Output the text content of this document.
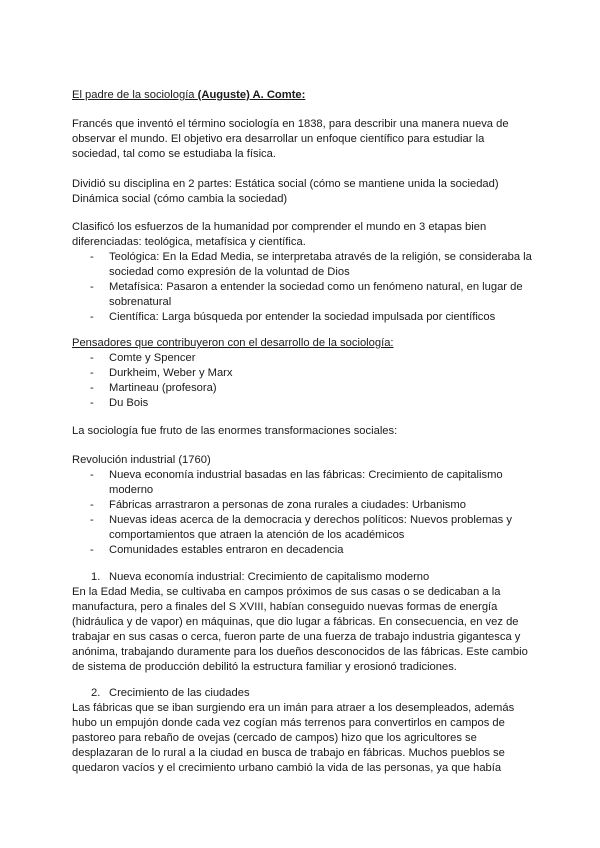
El padre de la sociología (Auguste) A. Comte:

Francés que inventó el término sociología en 1838, para describir una manera nueva de observar el mundo. El objetivo era desarrollar un enfoque científico para estudiar la sociedad, tal como se estudiaba la física.

Dividió su disciplina en 2 partes: Estática social (cómo se mantiene unida la sociedad)

Dinámica social (cómo cambia la sociedad)

Clasificó los esfuerzos de la humanidad por comprender el mundo en 3 etapas bien diferenciadas: teológica, metafísica y científica.

- Teológica: En la Edad Media, se interpretaba através de la religión, se consideraba la sociedad como expresión de la voluntad de Dios
- Metafísica: Pasaron a entender la sociedad como un fenómeno natural, en lugar de sobrenatural
- Científica: Larga búsqueda por entender la sociedad impulsada por científicos

Pensadores que contribuyeron con el desarrollo de la sociología:

- Comte y Spencer
- Durkheim, Weber y Marx
- Martineau (profesora)
- Du Bois

La sociología fue fruto de las enormes transformaciones sociales:

Revolución industrial (1760)

- Nueva economía industrial basadas en las fábricas: Crecimiento de capitalismo moderno
- Fábricas arrastraron a personas de zona rurales a ciudades: Urbanismo
- Nuevas ideas acerca de la democracia y derechos políticos: Nuevos problemas y comportamientos que atraen la atención de los académicos
- Comunidades estables entraron en decadencia

1. Nueva economía industrial: Crecimiento de capitalismo moderno

En la Edad Media, se cultivaba en campos próximos de sus casas o se dedicaban a la manufactura, pero a finales del S XVIII, habían conseguido nuevas formas de energía (hidráulica y de vapor) en máquinas, que dio lugar a fábricas. En consecuencia, en vez de trabajar en sus casas o cerca, fueron parte de una fuerza de trabajo industria gigantesca y anónima, trabajando duramente para los dueños desconocidos de las fábricas. Este cambio de sistema de producción debilitó la estructura familiar y erosionó tradiciones.

2. Crecimiento de las ciudades

Las fábricas que se iban surgiendo era un imán para atraer a los desempleados, además hubo un empujón donde cada vez cogían más terrenos para convertirlos en campos de pastoreo para rebaño de ovejas (cercado de campos) hizo que los agricultores se desplazaran de lo rural a la ciudad en busca de trabajo en fábricas. Muchos pueblos se quedaron vacíos y el crecimiento urbano cambió la vida de las personas, ya que había
